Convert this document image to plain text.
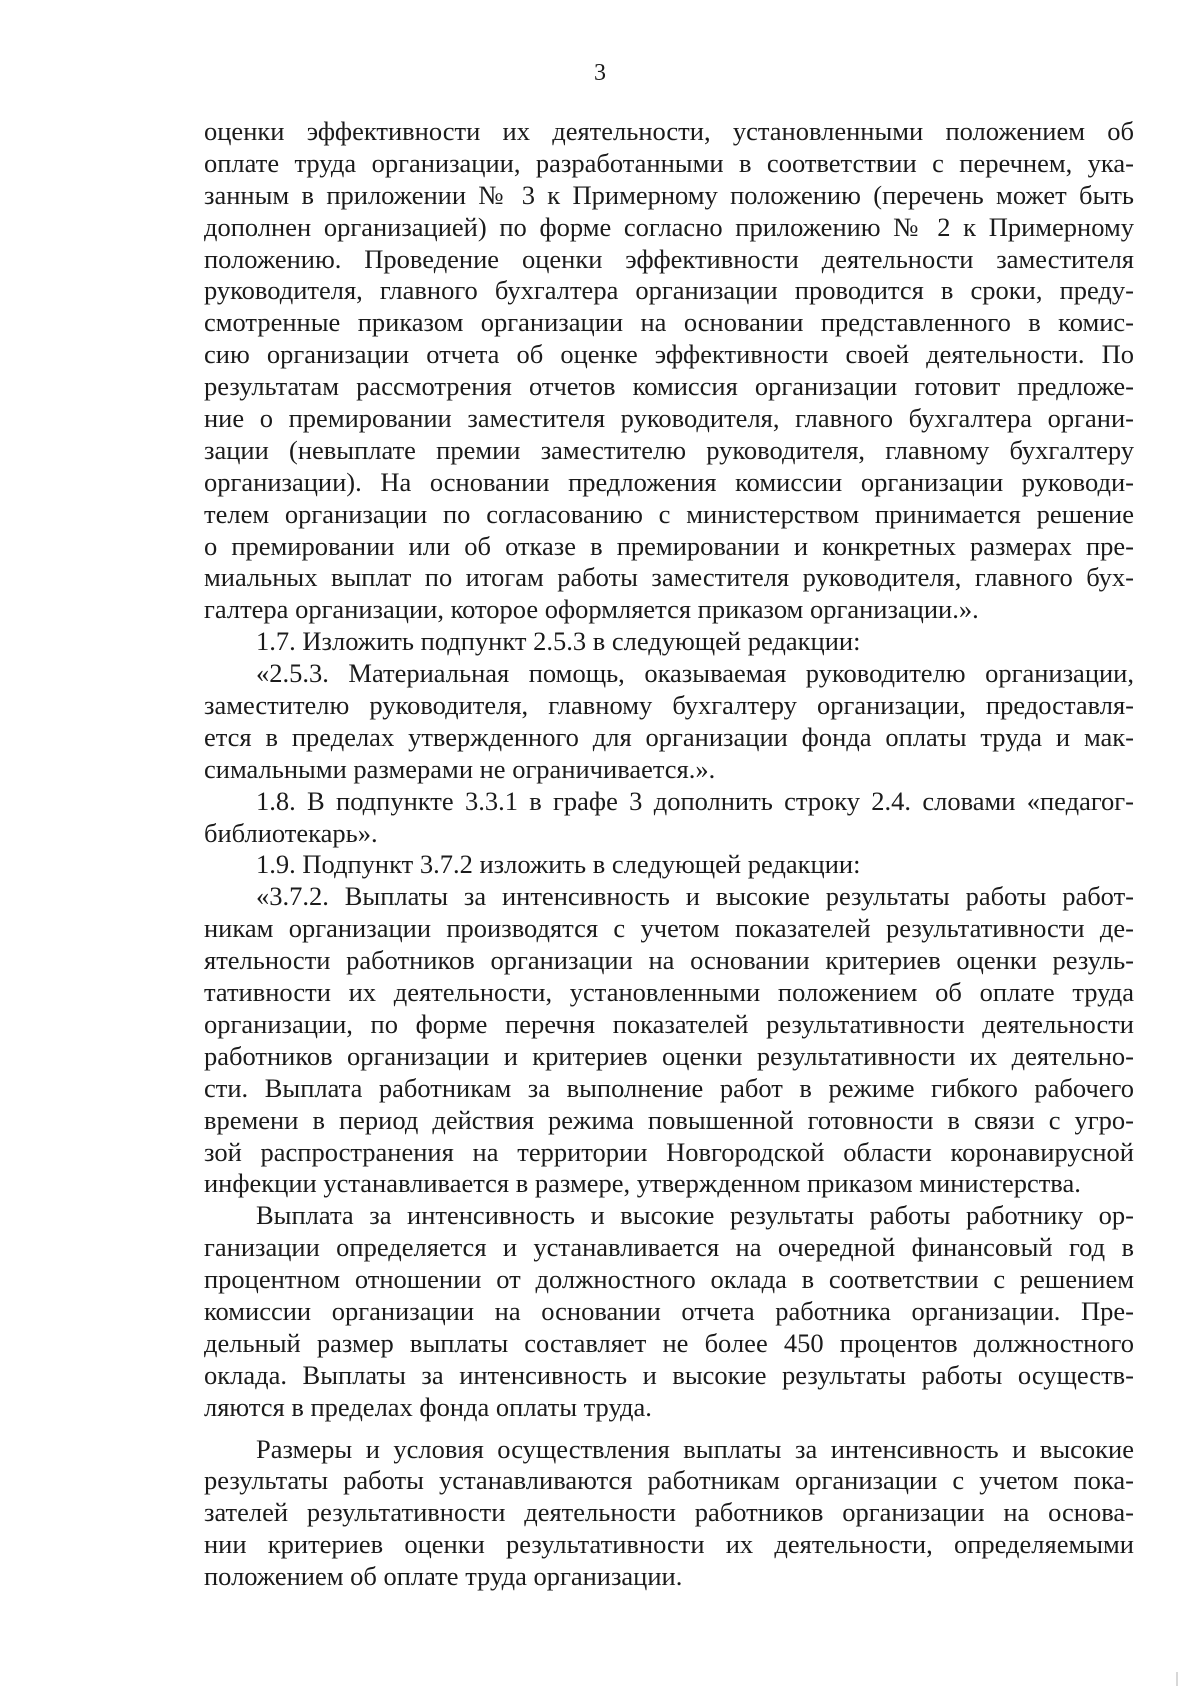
3
оценки эффективности их деятельности, установленными положением об
оплате труда организации, разработанными в соответствии с перечнем, ука-
занным в приложении № 3 к Примерному положению (перечень может быть
дополнен организацией) по форме согласно приложению № 2 к Примерному
положению. Проведение оценки эффективности деятельности заместителя
руководителя, главного бухгалтера организации проводится в сроки, преду-
смотренные приказом организации на основании представленного в комис-
сию организации отчета об оценке эффективности своей деятельности. По
результатам рассмотрения отчетов комиссия организации готовит предложе-
ние о премировании заместителя руководителя, главного бухгалтера органи-
зации (невыплате премии заместителю руководителя, главному бухгалтеру
организации). На основании предложения комиссии организации руководи-
телем организации по согласованию с министерством принимается решение
о премировании или об отказе в премировании и конкретных размерах пре-
миальных выплат по итогам работы заместителя руководителя, главного бух-
галтера организации, которое оформляется приказом организации.».
1.7. Изложить подпункт 2.5.3 в следующей редакции:
«2.5.3. Материальная помощь, оказываемая руководителю организации,
заместителю руководителя, главному бухгалтеру организации, предоставля-
ется в пределах утвержденного для организации фонда оплаты труда и мак-
симальными размерами не ограничивается.».
1.8. В подпункте 3.3.1 в графе 3 дополнить строку 2.4. словами «педагог-
библиотекарь».
1.9. Подпункт 3.7.2 изложить в следующей редакции:
«3.7.2. Выплаты за интенсивность и высокие результаты работы работ-
никам организации производятся с учетом показателей результативности де-
ятельности работников организации на основании критериев оценки резуль-
тативности их деятельности, установленными положением об оплате труда
организации, по форме перечня показателей результативности деятельности
работников организации и критериев оценки результативности их деятельно-
сти. Выплата работникам за выполнение работ в режиме гибкого рабочего
времени в период действия режима повышенной готовности в связи с угро-
зой распространения на территории Новгородской области коронавирусной
инфекции устанавливается в размере, утвержденном приказом министерства.
Выплата за интенсивность и высокие результаты работы работнику ор-
ганизации определяется и устанавливается на очередной финансовый год в
процентном отношении от должностного оклада в соответствии с решением
комиссии организации на основании отчета работника организации. Пре-
дельный размер выплаты составляет не более 450 процентов должностного
оклада. Выплаты за интенсивность и высокие результаты работы осуществ-
ляются в пределах фонда оплаты труда.
Размеры и условия осуществления выплаты за интенсивность и высокие
результаты работы устанавливаются работникам организации с учетом пока-
зателей результативности деятельности работников организации на основа-
нии критериев оценки результативности их деятельности, определяемыми
положением об оплате труда организации.
